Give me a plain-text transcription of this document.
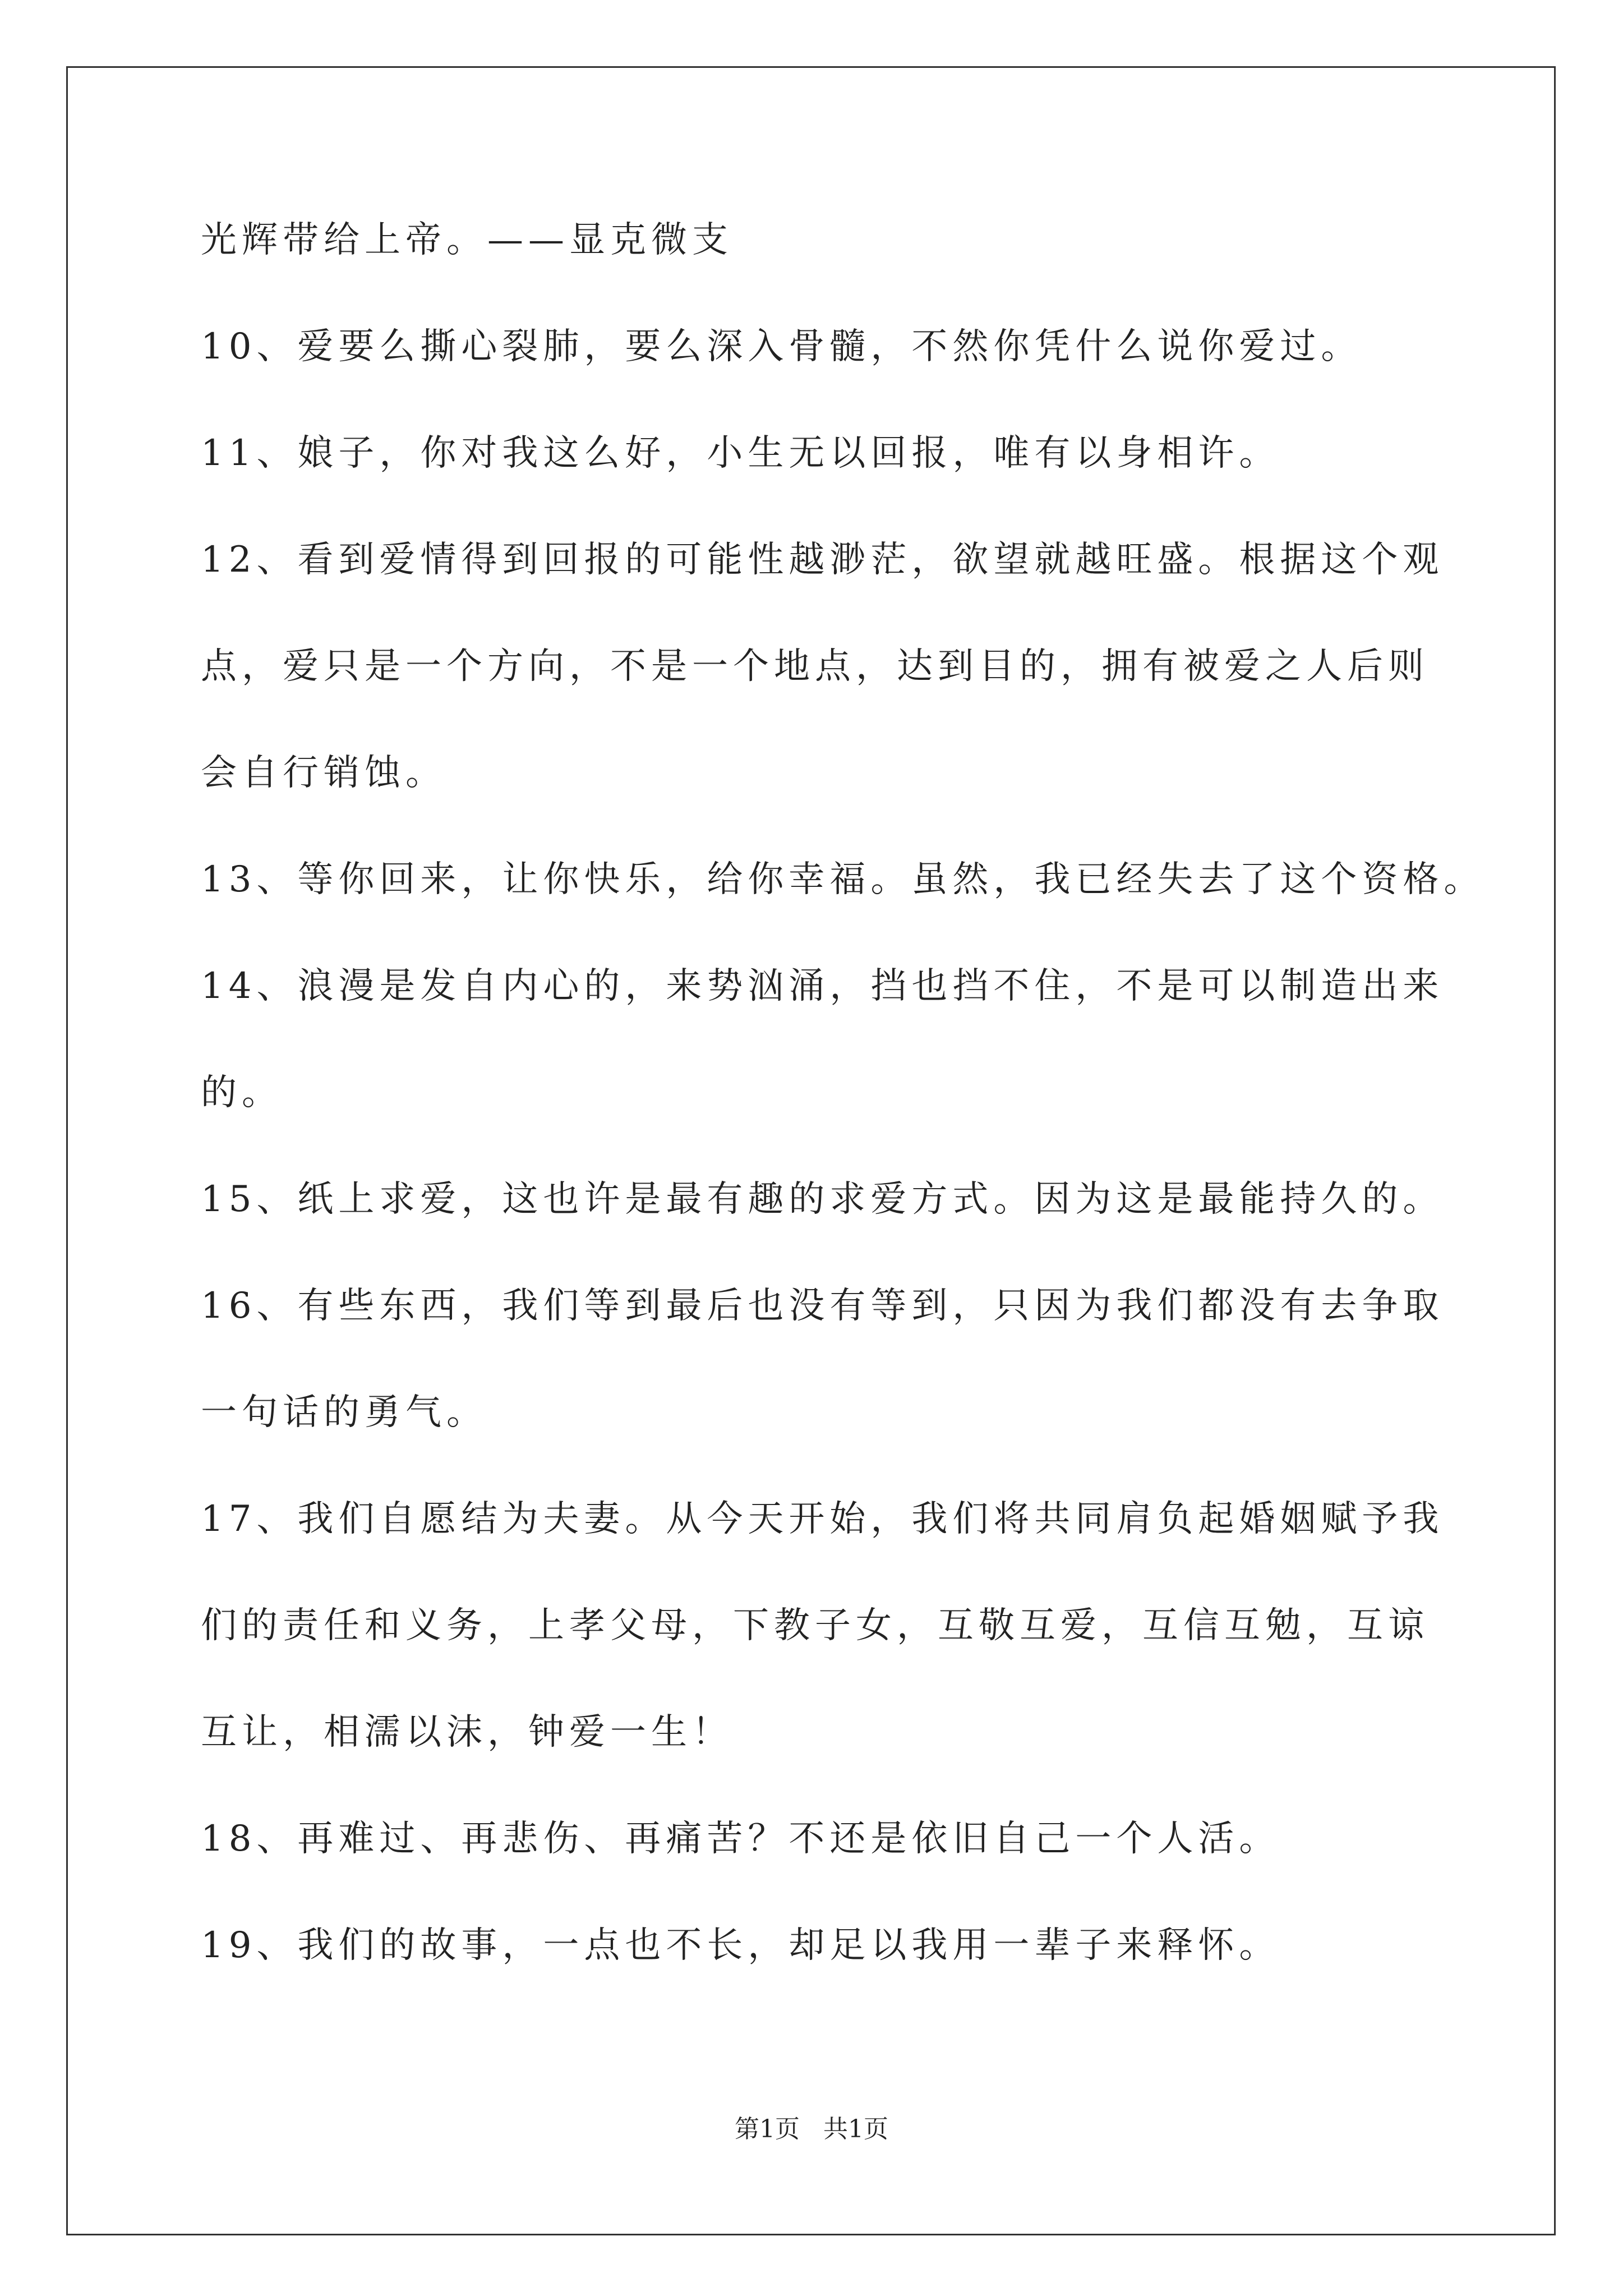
光辉带给上帝。——显克微支
10、爱要么撕心裂肺，要么深入骨髓，不然你凭什么说你爱过。
11、娘子，你对我这么好，小生无以回报，唯有以身相许。
12、看到爱情得到回报的可能性越渺茫，欲望就越旺盛。根据这个观
点，爱只是一个方向，不是一个地点，达到目的，拥有被爱之人后则
会自行销蚀。
13、等你回来，让你快乐，给你幸福。虽然，我已经失去了这个资格。
14、浪漫是发自内心的，来势汹涌，挡也挡不住，不是可以制造出来
的。
15、纸上求爱，这也许是最有趣的求爱方式。因为这是最能持久的。
16、有些东西，我们等到最后也没有等到，只因为我们都没有去争取
一句话的勇气。
17、我们自愿结为夫妻。从今天开始，我们将共同肩负起婚姻赋予我
们的责任和义务，上孝父母，下教子女，互敬互爱，互信互勉，互谅
互让，相濡以沫，钟爱一生！
18、再难过、再悲伤、再痛苦？不还是依旧自己一个人活。
19、我们的故事，一点也不长，却足以我用一辈子来释怀。
第1页   共1页
